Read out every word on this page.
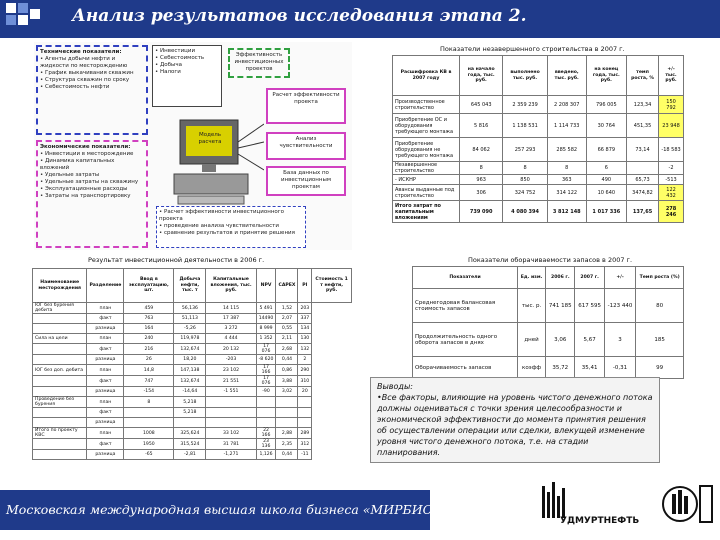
Анализ результатов исследования этапа 2.
Технические показатели:
• Агенты добычи нефти и жидкости по месторождению
• График выкачивания скважин
• Структура скважин по сроку
• Себестоимость нефти
Экономические показатели:
• Инвестиции в месторождение
• Динамика капитальных вложений
• Удельные затраты
• Удельные затраты на скважину
• Эксплуатационные расходы
• Затраты на транспортировку
• Инвестиции
• Себестоимость
• Добыча
• Налоги
Эффективность инвестиционных проектов
Расчет эффективности проекта
Анализ чувствительности
База данных по инвестиционным проектам
Модель расчета
• Расчет эффективности инвестиционного проекта
• проведение анализа чувствительности
• сравнение результатов и принятие решения
Показатели незавершенного строительства в 2007 г.
Расшифровка КВ в 2007 году	на начало года, тыс. руб.	выполнено тыс. руб.	введено, тыс. руб.	на конец года, тыс. руб.	темп роста, %	+/- тыс. руб.
Производственное строительство	645 043	2 359 239	2 208 307	796 005	123,34	150 792
Приобретение ОС и оборудования требующего монтажа	5 816	1 138 531	1 114 733	30 764	451,35	23 948
Приобретение оборудования не требующего монтажа	84 062	257 293	285 582	66 879	73,14	-18 583
Незавершенное строительство	8	8	8	6		-2
- ИСКНР	963	850	363	490	65,73	-513
Авансы выданные под строительство	306	324 752	314 122	10 640	3474,82	122 432
Итого затрат по капитальным вложениям	739 090	4 080 394	3 812 148	1 017 336	137,65	278 246
Результат инвестиционной деятельности в 2006 г.
Наименование месторождения	Разделение	Ввод в эксплуатацию, шт.	Добыча нефти, тыс. т	Капитальные вложения, тыс. руб.	NPV	CAPEX	PI	Стоимость 1 т нефти, руб.
ЮГ без бурения дебита	план	459	56,136	14 115	5 491	1,52	203	
	факт	763	51,113	17 387	14490	2,07	337	
	разница	164	-5,26	3 272	8 999	0,55	134	
Сила на цели	план	240	119,978	4 444	1 352	2,11	130	
	факт	216	132,674	20 132	17 076	2,68	132	
	разница	26	18,20	-203	-8 620	0,44	2	
ЮГ без доп. дебита	план	14,8	147,138	23 102	17 166	0,86	290	
	факт	747	132,674	21 551	17 076	3,88	310	
	разница	-154	-14,64	-1 551	-90	3,02	20	
Проведение без бурения	план	8	5,218					
	факт		5,218					
	разница							
Итого по проекту КВС	план	1008	325,624	33 102	22 166	2,88	289	
	факт	1950	315,524	31 781	23 136	2,35	312	
	разница	-65	-2,81	-1,271	1,126	0,44	-11	
Показатели оборачиваемости запасов в 2007 г.
Показатели	Ед. изм.	2006 г.	2007 г.	+/-	Темп роста (%)
Среднегодовая балансовая стоимость запасов	тыс. р.	741 185	617 595	-123 440	80
Продолжительность одного оборота запасов в днях	дней	3,06	5,67	3	185
Оборачиваемость запасов	коэфф	35,72	35,41	-0,31	99
Выводы:
•Все факторы, влияющие на уровень чистого денежного потока должны оцениваться с точки зрения целесообразности и экономической эффективности до момента принятия решения об осуществлении операции или сделки, влекущей изменение уровня чистого денежного потока, т.е. на стадии планирования.
Московская международная высшая школа бизнеса «МИРБИС»
УДМУРТНЕФТЬ
